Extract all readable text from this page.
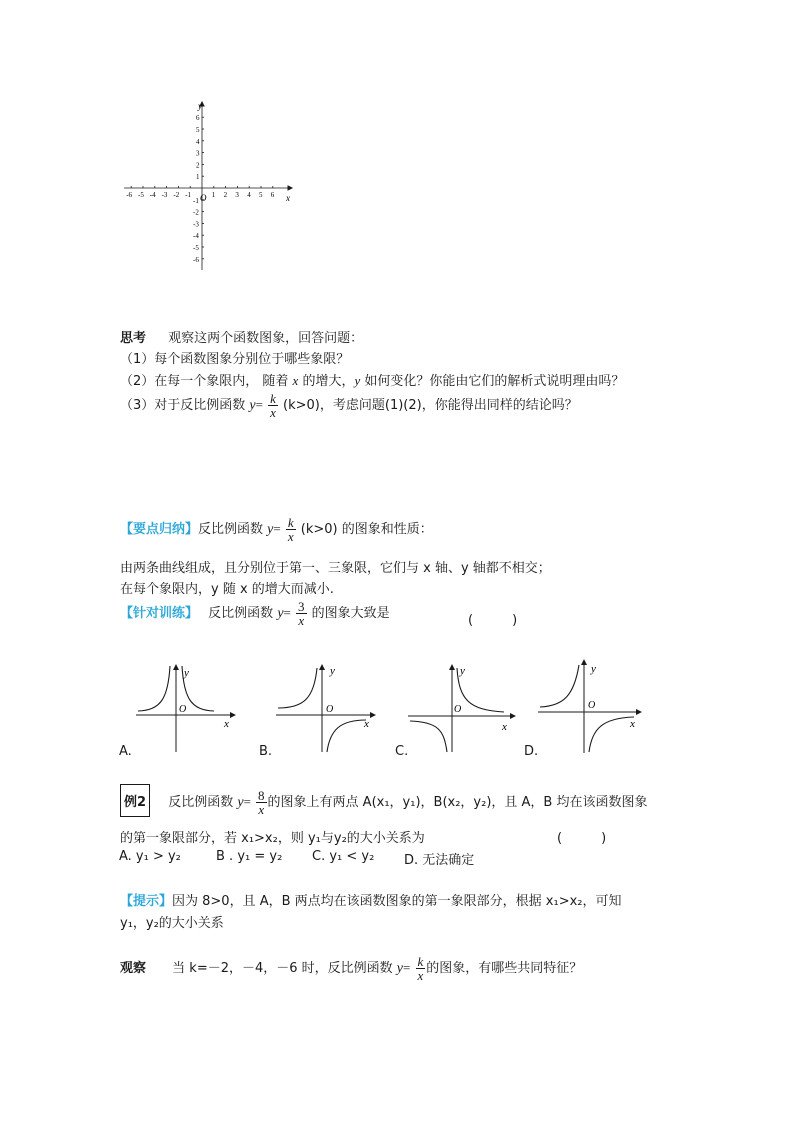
x
y
O
-6 -5 -4 -3 -2 -1	1 2 3 4 5 6
6
5
4
3
2
1
-1
-2
-3
-4
-5
-6
思考 观察这两个函数图象，回答问题：
（1）每个函数图象分别位于哪些象限？
（2）在每一个象限内， 随着 x 的增大，y 如何变化？你能由它们的解析式说明理由吗？
（3）对于反比例函数 $y= \frac{k}{x} (k>0)$，考虑问题(1)(2)，你能得出同样的结论吗？
【要点归纳】反比例函数 $y= \frac{k}{x} (k>0)$ 的图象和性质：
由两条曲线组成，且分别位于第一、三象限，它们与 x 轴、y 轴都不相交；
在每个象限内，y 随 x 的增大而减小.
【针对训练】 反比例函数 $y= \frac{3}{x}$ 的图象大致是	(　　　)
x
y
O
A.
x
y
O
B.
x
y
O
C.
x
y
O
D.
例2 反比例函数 $y= \frac{8}{x}$ 的图象上有两点 A(x₁，y₁)，B(x₂，y₂)，且 A，B 均在该函数图象
的第一象限部分，若 x₁>x₂，则 y₁与y₂的大小关系为	(　　　)
A. y₁ > y₂	B . y₁ = y₂ C. y₁ < y₂ D. 无法确定
【提示】因为 8>0，且 A，B 两点均在该函数图象的第一象限部分，根据 x₁>x₂，可知
y₁，y₂的大小关系
观察 当 k=－2，－4，－6 时，反比例函数 $y= \frac{k}{x}$ 的图象，有哪些共同特征？
